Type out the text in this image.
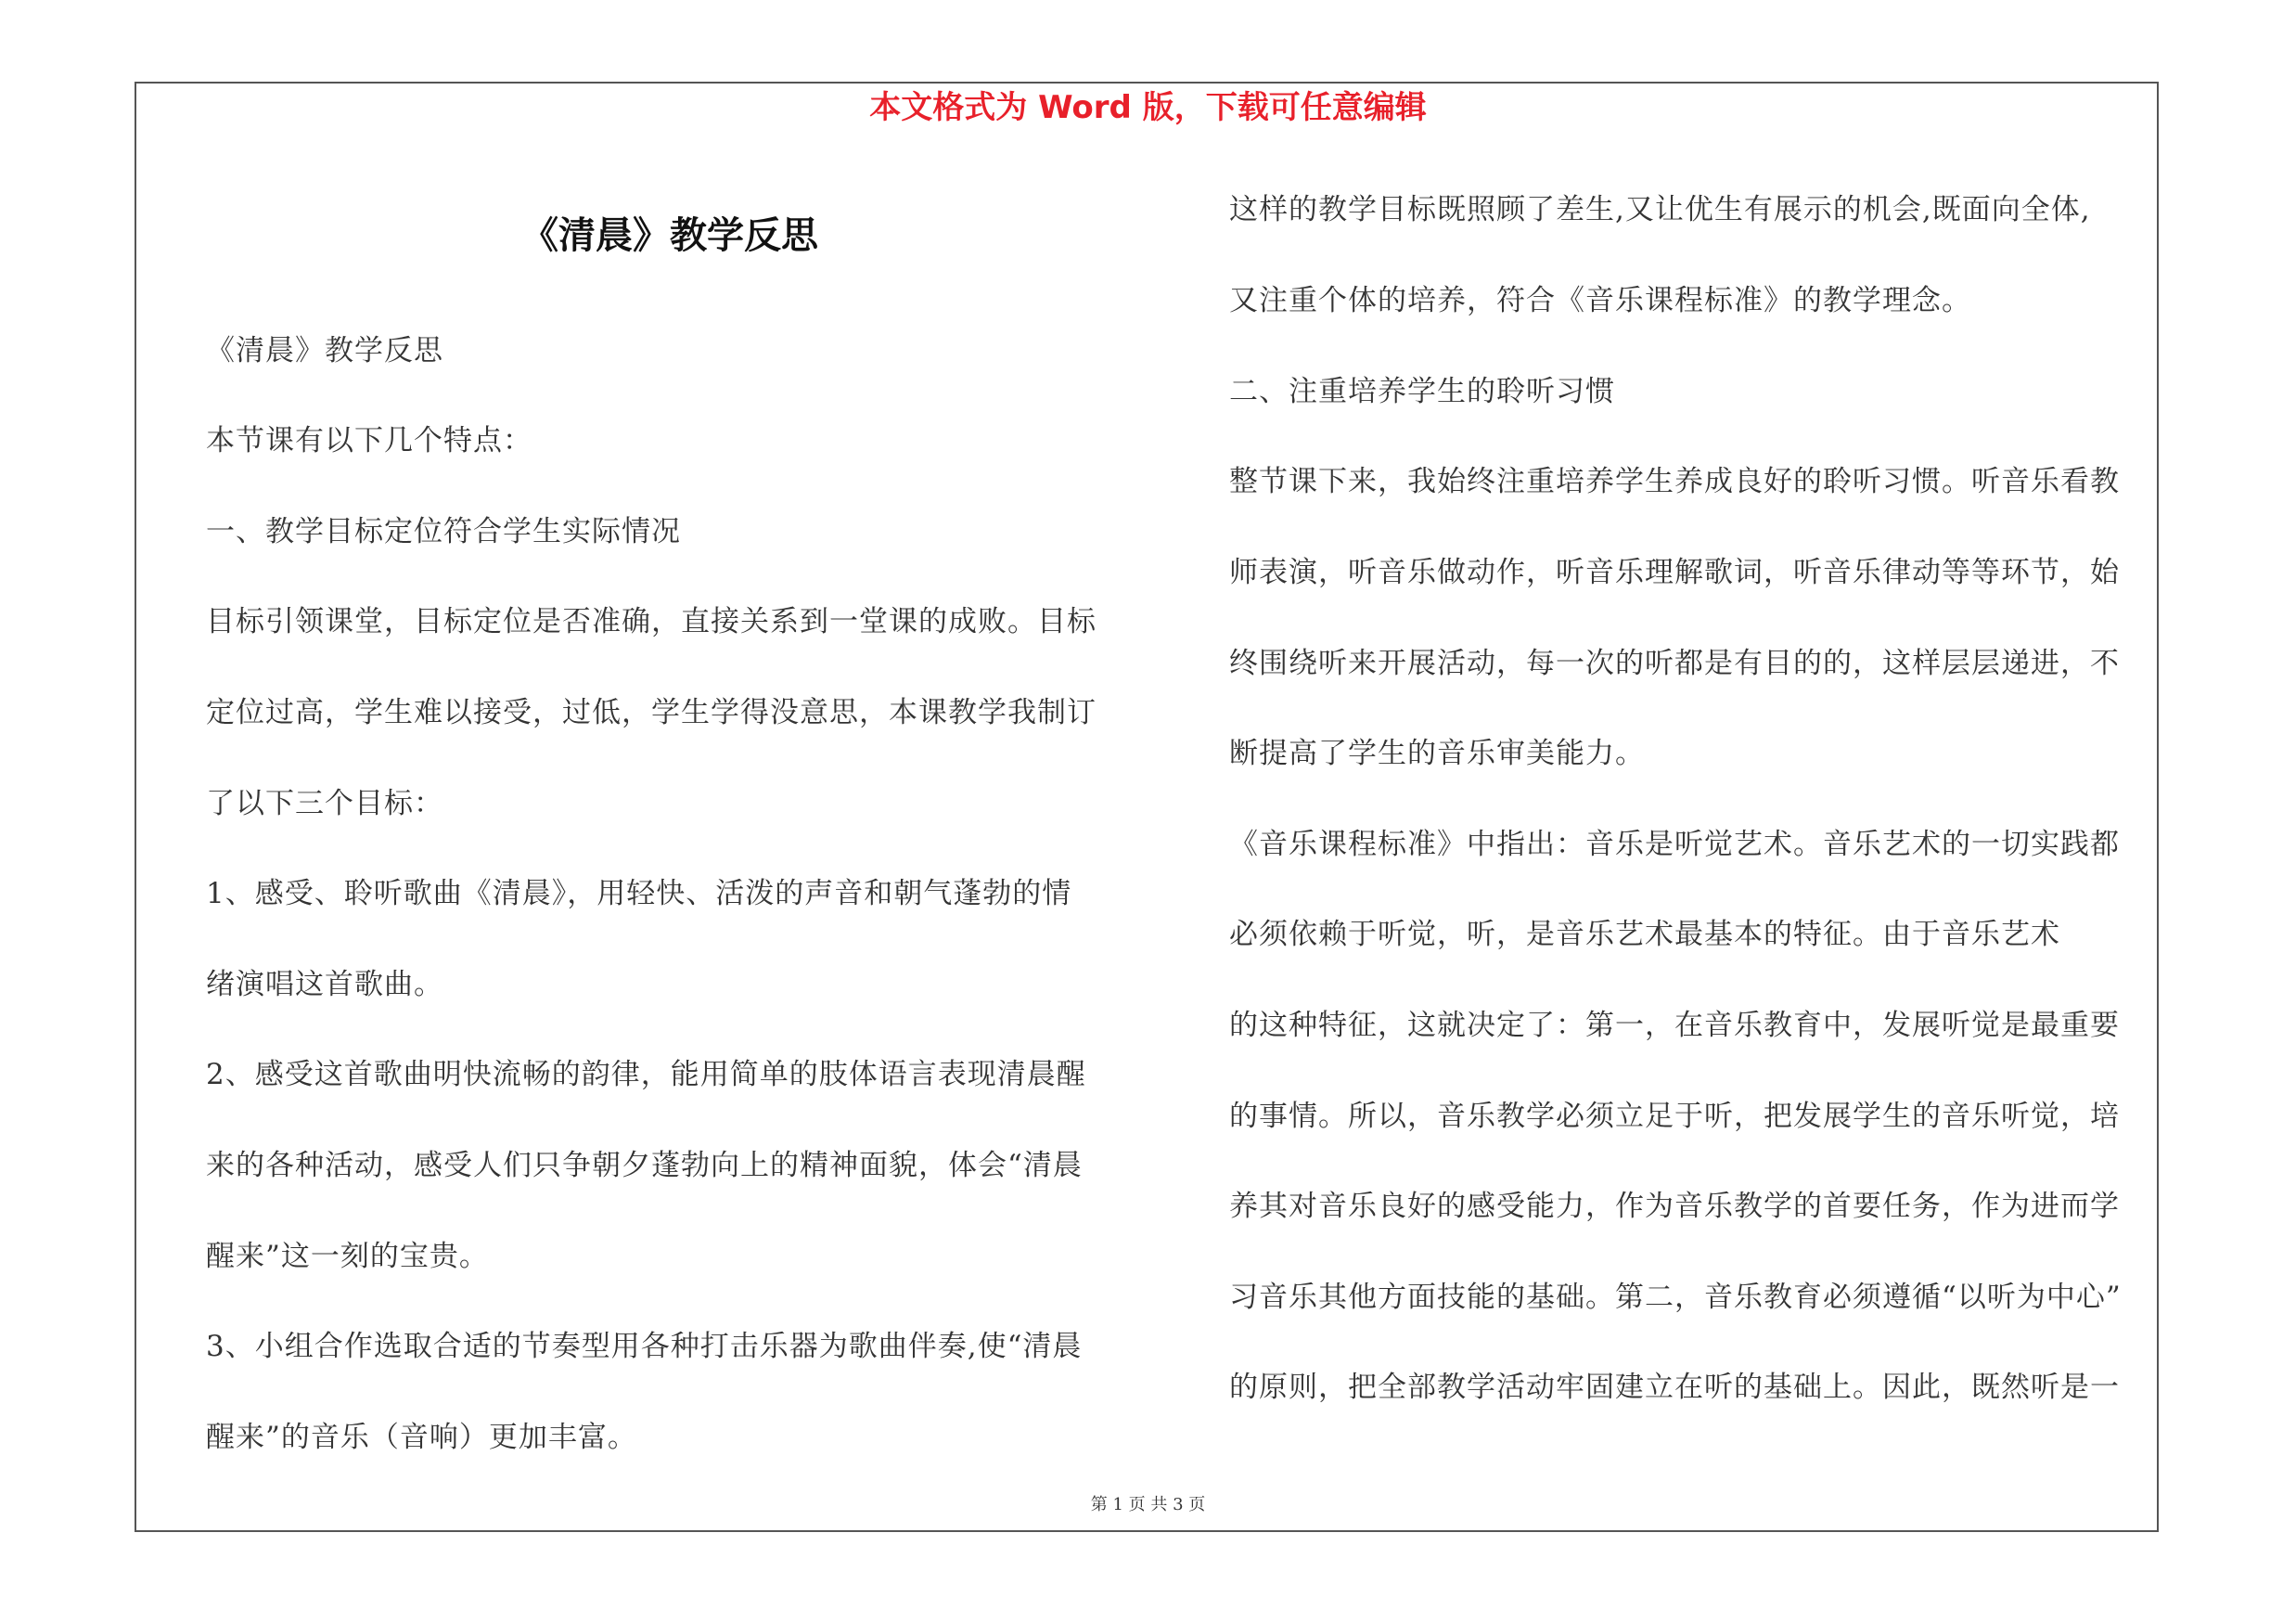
本文格式为 Word 版，下载可任意编辑
《清晨》教学反思
《清晨》教学反思
本节课有以下几个特点：
一、教学目标定位符合学生实际情况
目标引领课堂，目标定位是否准确，直接关系到一堂课的成败。目标
定位过高，学生难以接受，过低，学生学得没意思，本课教学我制订
了以下三个目标：
1、感受、聆听歌曲《清晨》，用轻快、活泼的声音和朝气蓬勃的情
绪演唱这首歌曲。
2、感受这首歌曲明快流畅的韵律，能用简单的肢体语言表现清晨醒
来的各种活动，感受人们只争朝夕蓬勃向上的精神面貌，体会“清晨
醒来”这一刻的宝贵。
3、小组合作选取合适的节奏型用各种打击乐器为歌曲伴奏,使“清晨
醒来”的音乐（音响）更加丰富。
这样的教学目标既照顾了差生,又让优生有展示的机会,既面向全体,
又注重个体的培养，符合《音乐课程标准》的教学理念。
二、注重培养学生的聆听习惯
整节课下来，我始终注重培养学生养成良好的聆听习惯。听音乐看教
师表演，听音乐做动作，听音乐理解歌词，听音乐律动等等环节，始
终围绕听来开展活动，每一次的听都是有目的的，这样层层递进，不
断提高了学生的音乐审美能力。
《音乐课程标准》中指出：音乐是听觉艺术。音乐艺术的一切实践都
必须依赖于听觉，听，是音乐艺术最基本的特征。由于音乐艺术
的这种特征，这就决定了：第一，在音乐教育中，发展听觉是最重要
的事情。所以，音乐教学必须立足于听，把发展学生的音乐听觉，培
养其对音乐良好的感受能力，作为音乐教学的首要任务，作为进而学
习音乐其他方面技能的基础。第二，音乐教育必须遵循“以听为中心”
的原则，把全部教学活动牢固建立在听的基础上。因此，既然听是一
第 1 页 共 3 页
